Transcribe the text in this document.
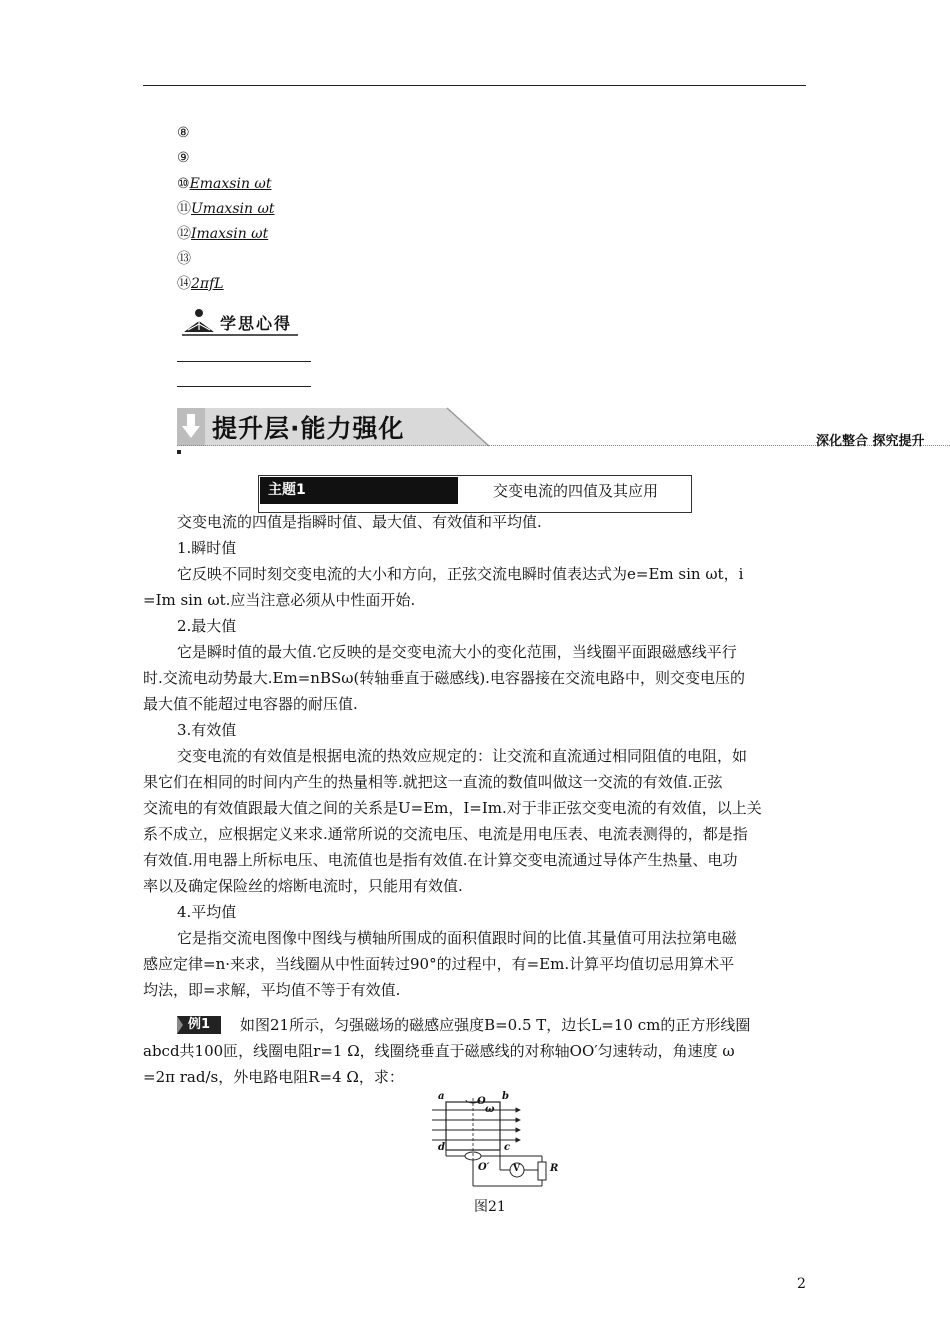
⑧
⑨
⑩Emaxsin ωt
⑪Umaxsin ωt
⑫Imaxsin ωt
⑬
⑭2πfL
学思心得
提升层·能力强化	深化整合 探究提升
主题1	交变电流的四值及其应用
交变电流的四值是指瞬时值、最大值、有效值和平均值.
1.瞬时值
它反映不同时刻交变电流的大小和方向，正弦交流电瞬时值表达式为e=Em sin ωt，i
=Im sin ωt.应当注意必须从中性面开始.
2.最大值
它是瞬时值的最大值.它反映的是交变电流大小的变化范围，当线圈平面跟磁感线平行
时.交流电动势最大.Em=nBSω(转轴垂直于磁感线).电容器接在交流电路中，则交变电压的
最大值不能超过电容器的耐压值.
3.有效值
交变电流的有效值是根据电流的热效应规定的：让交流和直流通过相同阻值的电阻，如
果它们在相同的时间内产生的热量相等.就把这一直流的数值叫做这一交流的有效值.正弦
交流电的有效值跟最大值之间的关系是U=Em，I=Im.对于非正弦交变电流的有效值，以上关
系不成立，应根据定义来求.通常所说的交流电压、电流是用电压表、电流表测得的，都是指
有效值.用电器上所标电压、电流值也是指有效值.在计算交变电流通过导体产生热量、电功
率以及确定保险丝的熔断电流时，只能用有效值.
4.平均值
它是指交流电图像中图线与横轴所围成的面积值跟时间的比值.其量值可用法拉第电磁
感应定律=n·来求，当线圈从中性面转过90°的过程中，有=Em.计算平均值切忌用算术平
均法，即=求解，平均值不等于有效值.
例1	如图21所示，匀强磁场的磁感应强度B=0.5 T，边长L=10 cm的正方形线圈
abcd共100匝，线圈电阻r=1 Ω，线圈绕垂直于磁感线的对称轴OO′匀速转动，角速度 ω
=2π rad/s，外电路电阻R=4 Ω，求：
O
ω
a	b
c
d
O′	V	R
图21
2
